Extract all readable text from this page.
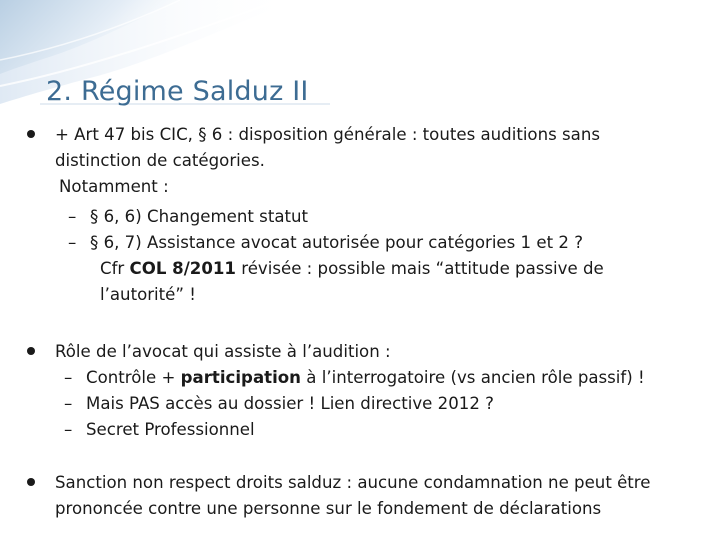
2. Régime Salduz II
+ Art 47 bis CIC, § 6 : disposition générale : toutes auditions sans
distinction de catégories.
Notamment :
– § 6, 6) Changement statut
– § 6, 7) Assistance avocat autorisée pour catégories 1 et 2 ?
Cfr COL 8/2011 révisée : possible mais “attitude passive de
l’autorité” !
Rôle de l’avocat qui assiste à l’audition :
– Contrôle + participation à l’interrogatoire (vs ancien rôle passif) !
– Mais PAS accès au dossier ! Lien directive 2012 ?
– Secret Professionnel
Sanction non respect droits salduz : aucune condamnation ne peut être
prononcée contre une personne sur le fondement de déclarations
